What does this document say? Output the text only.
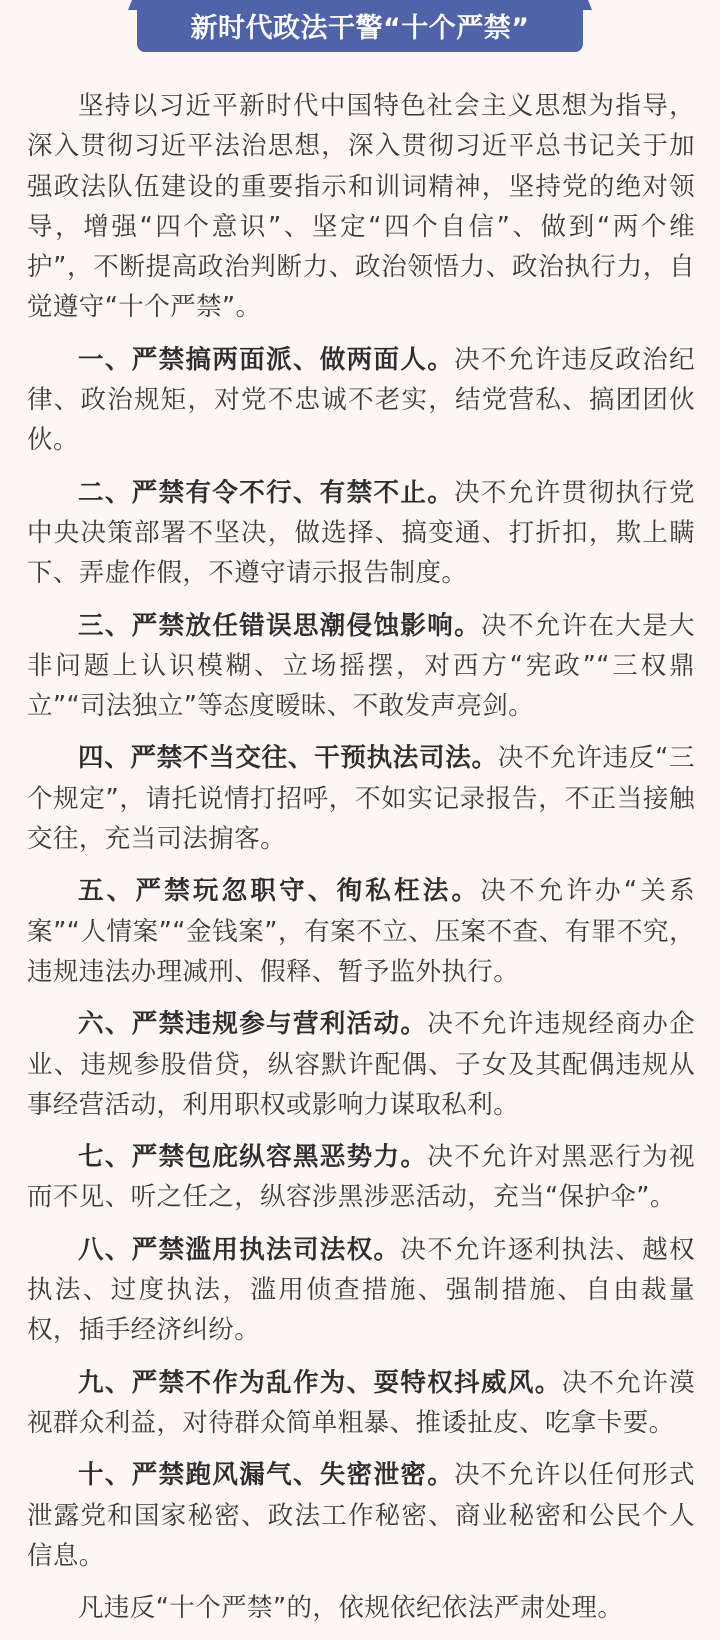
新时代政法干警“十个严禁”

坚持以习近平新时代中国特色社会主义思想为指导，深入贯彻习近平法治思想，深入贯彻习近平总书记关于加强政法队伍建设的重要指示和训词精神，坚持党的绝对领导，增强“四个意识”、坚定“四个自信”、做到“两个维护”，不断提高政治判断力、政治领悟力、政治执行力，自觉遵守“十个严禁”。

一、严禁搞两面派、做两面人。决不允许违反政治纪律、政治规矩，对党不忠诚不老实，结党营私、搞团团伙伙。

二、严禁有令不行、有禁不止。决不允许贯彻执行党中央决策部署不坚决，做选择、搞变通、打折扣，欺上瞒下、弄虚作假，不遵守请示报告制度。

三、严禁放任错误思潮侵蚀影响。决不允许在大是大非问题上认识模糊、立场摇摆，对西方“宪政”“三权鼎立”“司法独立”等态度暧昧、不敢发声亮剑。

四、严禁不当交往、干预执法司法。决不允许违反“三个规定”，请托说情打招呼，不如实记录报告，不正当接触交往，充当司法掮客。

五、严禁玩忽职守、徇私枉法。决不允许办“关系案”“人情案”“金钱案”，有案不立、压案不查、有罪不究，违规违法办理减刑、假释、暂予监外执行。

六、严禁违规参与营利活动。决不允许违规经商办企业、违规参股借贷，纵容默许配偶、子女及其配偶违规从事经营活动，利用职权或影响力谋取私利。

七、严禁包庇纵容黑恶势力。决不允许对黑恶行为视而不见、听之任之，纵容涉黑涉恶活动，充当“保护伞”。

八、严禁滥用执法司法权。决不允许逐利执法、越权执法、过度执法，滥用侦查措施、强制措施、自由裁量权，插手经济纠纷。

九、严禁不作为乱作为、耍特权抖威风。决不允许漠视群众利益，对待群众简单粗暴、推诿扯皮、吃拿卡要。

十、严禁跑风漏气、失密泄密。决不允许以任何形式泄露党和国家秘密、政法工作秘密、商业秘密和公民个人信息。

凡违反“十个严禁”的，依规依纪依法严肃处理。
